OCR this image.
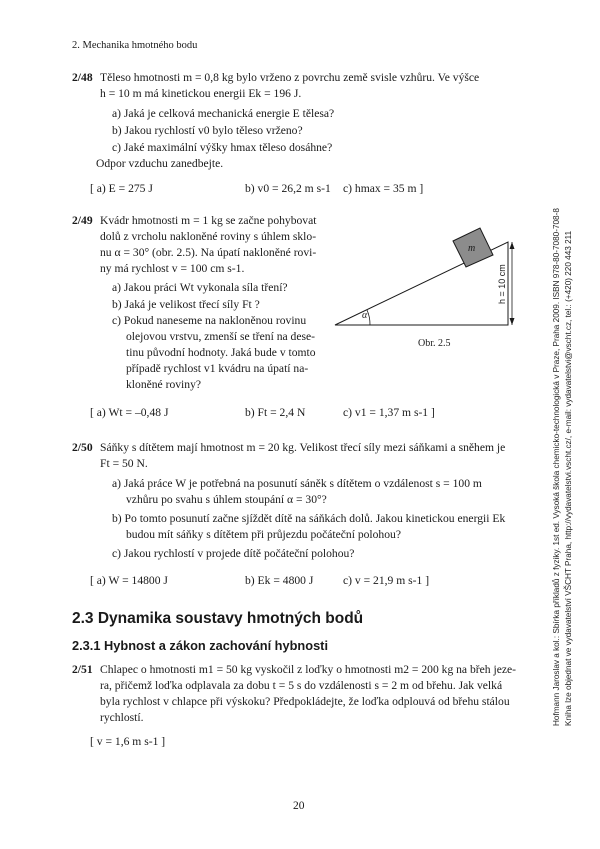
2. Mechanika hmotného bodu
Hofmann Jaroslav a kol.: Sbírka příkladů z fyziky. 1st ed. Vysoká škola chemicko-technologická v Praze, Praha 2009. ISBN 978-80-7080-708-8 Kniha lze objednat ve vydavatelství VŠCHT Praha, http://vydavatelstvi.vscht.cz/, e-mail: vydavatelstvi@vscht.cz, tel.: (+420) 220 443 211
2/48 Těleso hmotnosti m = 0,8 kg bylo vrženo z povrchu země svisle vzhůru. Ve výšce
h = 10 m má kinetickou energii Ek = 196 J.
a) Jaká je celková mechanická energie E tělesa?
b) Jakou rychlostí v0 bylo těleso vrženo?
c) Jaké maximální výšky hmax těleso dosáhne?
Odpor vzduchu zanedbejte.
[ a) E = 275 J	b) v0 = 26,2 m s-1 c) hmax = 35 m ]
2/49 Kvádr hmotnosti m = 1 kg se začne pohybovat
dolů z vrcholu nakloněné roviny s úhlem sklo-
nu α = 30° (obr. 2.5). Na úpatí nakloněné rovi-
ny má rychlost v = 100 cm s-1.
a) Jakou práci Wt vykonala síla tření?
b) Jaká je velikost třecí síly Ft ?
c) Pokud naneseme na nakloněnou rovinu
olejovou vrstvu, zmenší se tření na dese-
tinu původní hodnoty. Jaká bude v tomto
případě rychlost v1 kvádru na úpatí na-
kloněné roviny?
[ a) Wt = –0,48 J	b) Ft = 2,4 N	c) v1 = 1,37 m s-1 ]
m
α
h = 10 cm
Obr. 2.5
2/50 Sáňky s dítětem mají hmotnost m = 20 kg. Velikost třecí síly mezi sáňkami a sněhem je
Ft = 50 N.
a) Jaká práce W je potřebná na posunutí sáněk s dítětem o vzdálenost s = 100 m
vzhůru po svahu s úhlem stoupání α = 30°?
b) Po tomto posunutí začne sjíždět dítě na sáňkách dolů. Jakou kinetickou energii Ek
budou mít sáňky s dítětem při průjezdu počáteční polohou?
c) Jakou rychlostí v projede dítě počáteční polohou?
[ a) W = 14800 J	b) Ek = 4800 J	c) v = 21,9 m s-1 ]
2.3 Dynamika soustavy hmotných bodů
2.3.1 Hybnost a zákon zachování hybnosti
2/51 Chlapec o hmotnosti m1 = 50 kg vyskočil z loďky o hmotnosti m2 = 200 kg na břeh jeze-
ra, přičemž loďka odplavala za dobu t = 5 s do vzdálenosti s = 2 m od břehu. Jak velká
byla rychlost v chlapce při výskoku? Předpokládejte, že loďka odplouvá od břehu stálou
rychlostí.
[ v = 1,6 m s-1 ]
20
